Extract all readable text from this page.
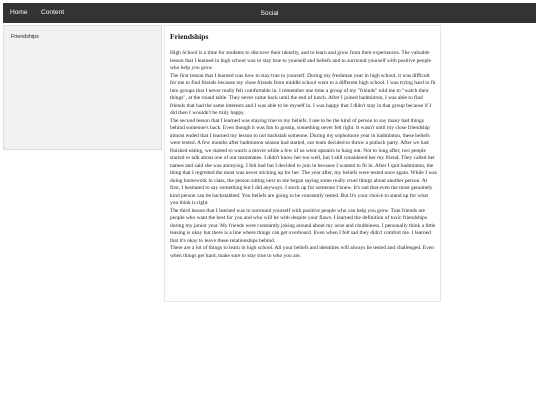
Social
Home Content
Friendships	Friendships

High School is a time for students to discover their identity, and to learn and grow from their experiences. The valuable lesson that I learned in high school was to stay true to yourself and beliefs and to surround yourself with positive people who help you grow.

The first lesson that I learned was how to stay true to yourself. During my freshman year in high school, it was difficult for me to find friends because my close friends from middle school went to a different high school. I was trying hard to fit into groups that I never really felt comfortable in. I remember one time a group of my "friends" told me to "watch their things", at the round table. They never came back until the end of lunch. After I joined badminton, I was able to find friends that had the same interests and I was able to be myself in. I was happy that I didn't stay in that group because if I did then I wouldn't be truly happy.

The second lesson that I learned was staying true to my beliefs. I use to be the kind of person to say many bad things behind someone's back. Even though it was fun to gossip, something never felt right. It wasn't until my close friendship almost ended that I learned my lesson to not backstab someone. During my sophomore year in badminton, these beliefs were tested. A few months after badminton season had started, our team decided to throw a potluck party. After we had finished eating, we started to watch a movie while a few of us went upstairs to hang out. Not to long after, two people started to talk about one of our teammates. I didn't know her too well, but I still considered her my friend. They called her names and said she was annoying. I felt bad but I decided to join in because I wanted to fit in. After I quit badminton, the thing that I regretted the most was never sticking up for her. The year after, my beliefs were tested once again. While I was doing homework in class, the person sitting next to me began saying some really cruel things about another person. At first, I hesitated to say something but I did anyways. I stuck up for someone I knew. It's sad that even the most genuinely kind person can be backstabbed. You beliefs are going to be constantly tested. But It's your choice to stand up for what you think is right.

The third lesson that I learned was to surround yourself with positive people who can help you grow. True friends are people who want the best for you and who will be with despite your flaws. I learned the definition of toxic friendships during my junior year. My friends were constantly joking around about my acne and chubbiness. I personally think a little teasing is okay but there is a line where things can get overboard. Even when I felt sad they didn't comfort me. I learned that it's okay to leave these relationships behind.

There are a lot of things to learn in high school. All your beliefs and identities will always be tested and challenged. Even when things get hard, make sure to stay true to who you are.
